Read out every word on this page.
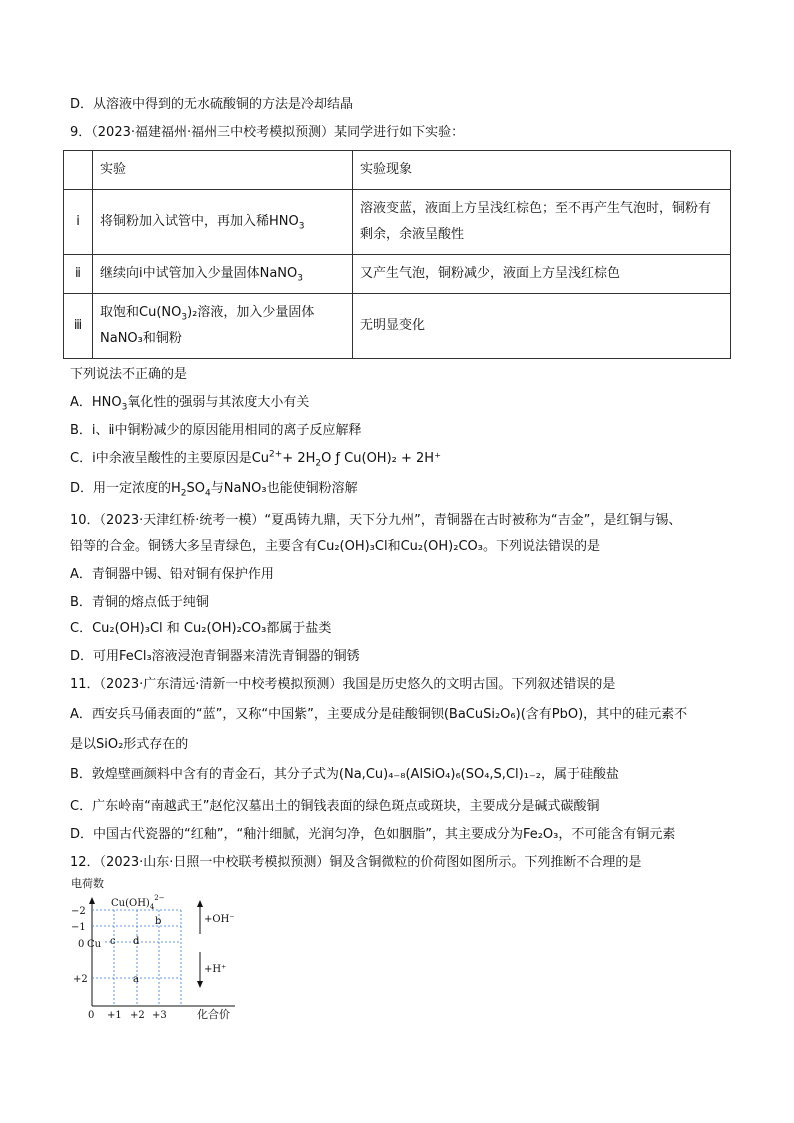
D．从溶液中得到的无水硫酸铜的方法是冷却结晶
9．（2023·福建福州·福州三中校考模拟预测）某同学进行如下实验：
	实验	实验现象
ⅰ	将铜粉加入试管中，再加入稀$HNO_3$	溶液变蓝，液面上方呈浅红棕色；至不再产生气泡时，铜粉有剩余，余液呈酸性
ⅱ	继续向ⅰ中试管加入少量固体NaNO$_3$	又产生气泡，铜粉减少，液面上方呈浅红棕色
ⅲ	取饱和$Cu(NO_3)_2$溶液，加入少量固体NaNO₃和铜粉	无明显变化
下列说法不正确的是
A．$HNO_3$氧化性的强弱与其浓度大小有关
B．ⅰ、ⅱ中铜粉减少的原因能用相同的离子反应解释
C．ⅰ中余液呈酸性的主要原因是$Cu^{2+}+ 2H_2O$ ƒ Cu(OH)₂ + 2H⁺
D．用一定浓度的$H_2SO_4$与NaNO₃也能使铜粉溶解
10．（2023·天津红桥·统考一模）“夏禹铸九鼎，天下分九州”，青铜器在古时被称为“吉金”，是红铜与锡、
铅等的合金。铜锈大多呈青绿色，主要含有Cu₂(OH)₃Cl和Cu₂(OH)₂CO₃。下列说法错误的是
A．青铜器中锡、铅对铜有保护作用
B．青铜的熔点低于纯铜
C．Cu₂(OH)₃Cl 和 Cu₂(OH)₂CO₃都属于盐类
D．可用FeCl₃溶液浸泡青铜器来清洗青铜器的铜锈
11．（2023·广东清远·清新一中校考模拟预测）我国是历史悠久的文明古国。下列叙述错误的是
A．西安兵马俑表面的“蓝”，又称“中国紫”，主要成分是硅酸铜钡(BaCuSi₂O₆)(含有PbO)，其中的硅元素不
是以SiO₂形式存在的
B．敦煌壁画颜料中含有的青金石，其分子式为(Na,Cu)₄₋₈(AlSiO₄)₆(SO₄,S,Cl)₁₋₂，属于硅酸盐
C．广东岭南“南越武王”赵佗汉墓出土的铜钱表面的绿色斑点或斑块，主要成分是碱式碳酸铜
D．中国古代瓷器的“红釉”，“釉汁细腻，光润匀净，色如胭脂”，其主要成分为Fe₂O₃，不可能含有铜元素
12．（2023·山东·日照一中校联考模拟预测）铜及含铜微粒的价荷图如图所示。下列推断不合理的是
电荷数
−2
−1
0 Cu
+2
$Cu(OH)_4^{2-}$
b
c d
a
+OH⁻
+H⁺
0 +1 +2 +3	化合价
